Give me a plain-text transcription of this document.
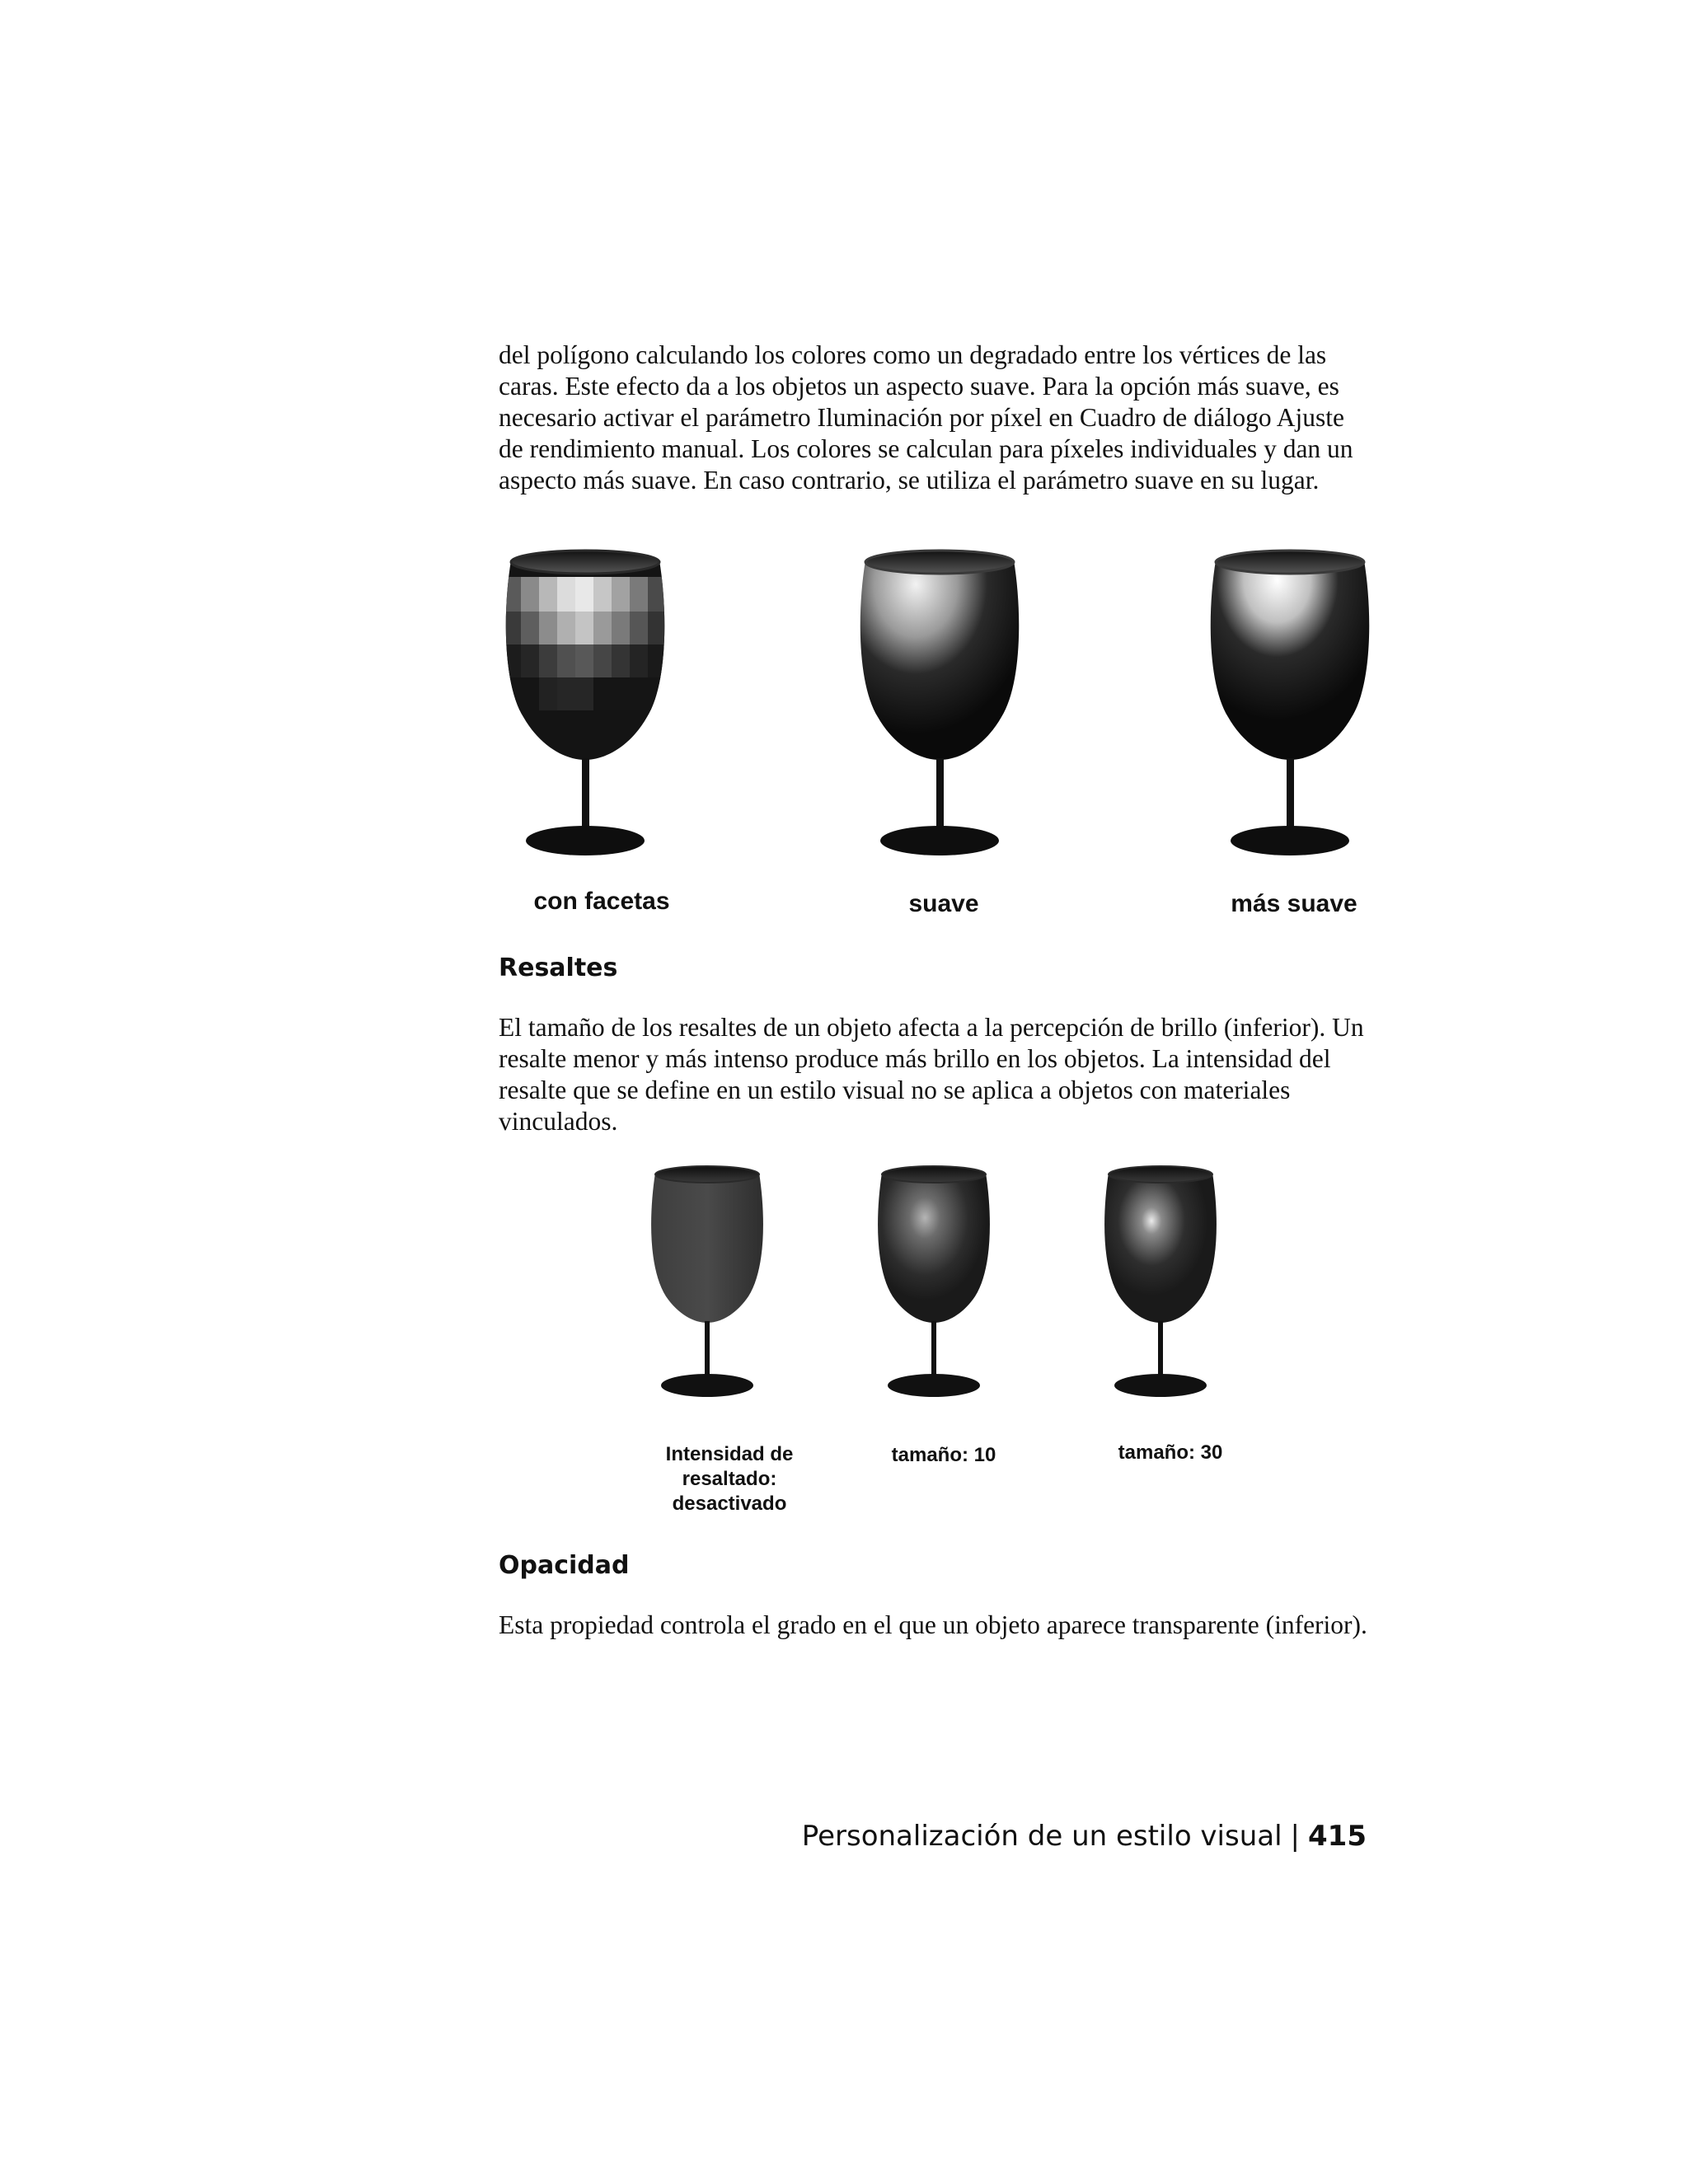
del polígono calculando los colores como un degradado entre los vértices de las caras. Este efecto da a los objetos un aspecto suave. Para la opción más suave, es necesario activar el parámetro Iluminación por píxel en Cuadro de diálogo Ajuste de rendimiento manual. Los colores se calculan para píxeles individuales y dan un aspecto más suave. En caso contrario, se utiliza el parámetro suave en su lugar.

con facetas	suave	más suave

Resaltes

El tamaño de los resaltes de un objeto afecta a la percepción de brillo (inferior). Un resalte menor y más intenso produce más brillo en los objetos. La intensidad del resalte que se define en un estilo visual no se aplica a objetos con materiales vinculados.

Intensidad de resaltado: desactivado

tamaño: 10	tamaño: 30

Opacidad

Esta propiedad controla el grado en el que un objeto aparece transparente (inferior).

Personalización de un estilo visual | 415
